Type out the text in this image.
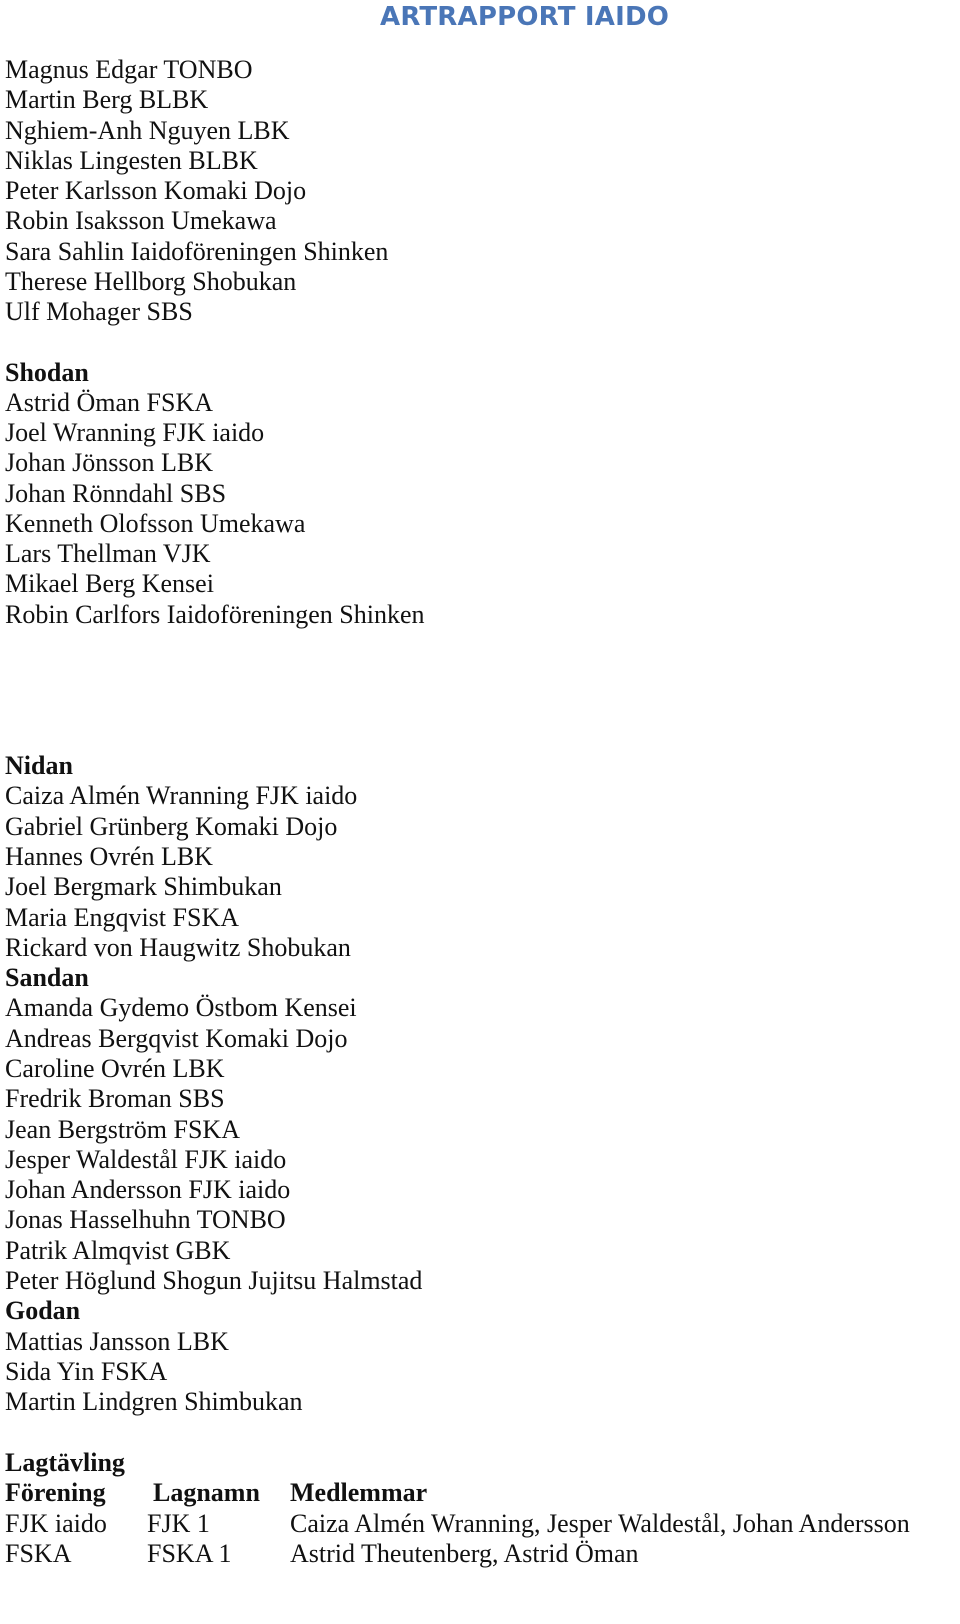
ARTRAPPORT IAIDO
Magnus Edgar TONBO
Martin Berg BLBK
Nghiem-Anh Nguyen LBK
Niklas Lingesten BLBK
Peter Karlsson Komaki Dojo
Robin Isaksson Umekawa
Sara Sahlin Iaidoföreningen Shinken
Therese Hellborg Shobukan
Ulf Mohager SBS
Shodan
Astrid Öman FSKA
Joel Wranning FJK iaido
Johan Jönsson LBK
Johan Rönndahl SBS
Kenneth Olofsson Umekawa
Lars Thellman VJK
Mikael Berg Kensei
Robin Carlfors Iaidoföreningen Shinken
Nidan
Caiza Almén Wranning FJK iaido
Gabriel Grünberg Komaki Dojo
Hannes Ovrén LBK
Joel Bergmark Shimbukan
Maria Engqvist FSKA
Rickard von Haugwitz Shobukan
Sandan
Amanda Gydemo Östbom Kensei
Andreas Bergqvist Komaki Dojo
Caroline Ovrén LBK
Fredrik Broman SBS
Jean Bergström FSKA
Jesper Waldestål FJK iaido
Johan Andersson FJK iaido
Jonas Hasselhuhn TONBO
Patrik Almqvist GBK
Peter Höglund Shogun Jujitsu Halmstad
Godan
Mattias Jansson LBK
Sida Yin FSKA
Martin Lindgren Shimbukan
Lagtävling
Förening Lagnamn Medlemmar
FJK iaido FJK 1	Caiza Almén Wranning, Jesper Waldestål, Johan Andersson
FSKA	FSKA 1 Astrid Theutenberg, Astrid Öman
